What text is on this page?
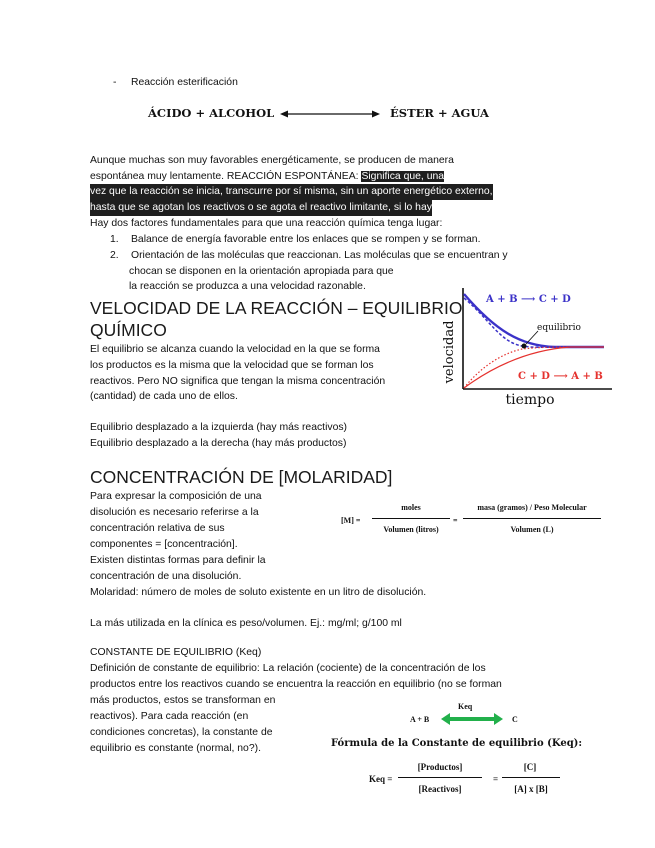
- Reacción esterificación
ÁCIDO + ALCOHOL	ÉSTER + AGUA
Aunque muchas son muy favorables energéticamente, se producen de manera
espontánea muy lentamente. REACCIÓN ESPONTÁNEA: Significa que, una
vez que la reacción se inicia, transcurre por sí misma, sin un aporte energético externo,
hasta que se agotan los reactivos o se agota el reactivo limitante, si lo hay
Hay dos factores fundamentales para que una reacción química tenga lugar:
1. Balance de energía favorable entre los enlaces que se rompen y se forman.
2. Orientación de las moléculas que reaccionan. Las moléculas que se encuentran y
chocan se disponen en la orientación apropiada para que
la reacción se produzca a una velocidad razonable.
VELOCIDAD DE LA REACCIÓN – EQUILIBRIO
QUÍMICO
El equilibrio se alcanza cuando la velocidad en la que se forma
los productos es la misma que la velocidad que se forman los
reactivos. Pero NO significa que tengan la misma concentración
(cantidad) de cada uno de ellos.
Equilibrio desplazado a la izquierda (hay más reactivos)
Equilibrio desplazado a la derecha (hay más productos)
velocidad
tiempo
equilibrio
A + B ⟶ C + D
C + D ⟶ A + B
CONCENTRACIÓN DE [MOLARIDAD]
Para expresar la composición de una
disolución es necesario referirse a la
concentración relativa de sus
componentes = [concentración].
Existen distintas formas para definir la
concentración de una disolución.
Molaridad: número de moles de soluto existente en un litro de disolución.
La más utilizada en la clínica es peso/volumen. Ej.: mg/ml; g/100 ml
[M] =
moles
Volumen (litros)
=
masa (gramos) / Peso Molecular
Volumen (L)
CONSTANTE DE EQUILIBRIO (Keq)
Definición de constante de equilibrio: La relación (cociente) de la concentración de los
productos entre los reactivos cuando se encuentra la reacción en equilibrio (no se forman
más productos, estos se transforman en
reactivos). Para cada reacción (en
condiciones concretas), la constante de
equilibrio es constante (normal, no?).
Keq
A + B	C
Fórmula de la Constante de equilibrio (Keq):
Keq =
[Productos]
[Reactivos]
=
[C]
[A] x [B]
